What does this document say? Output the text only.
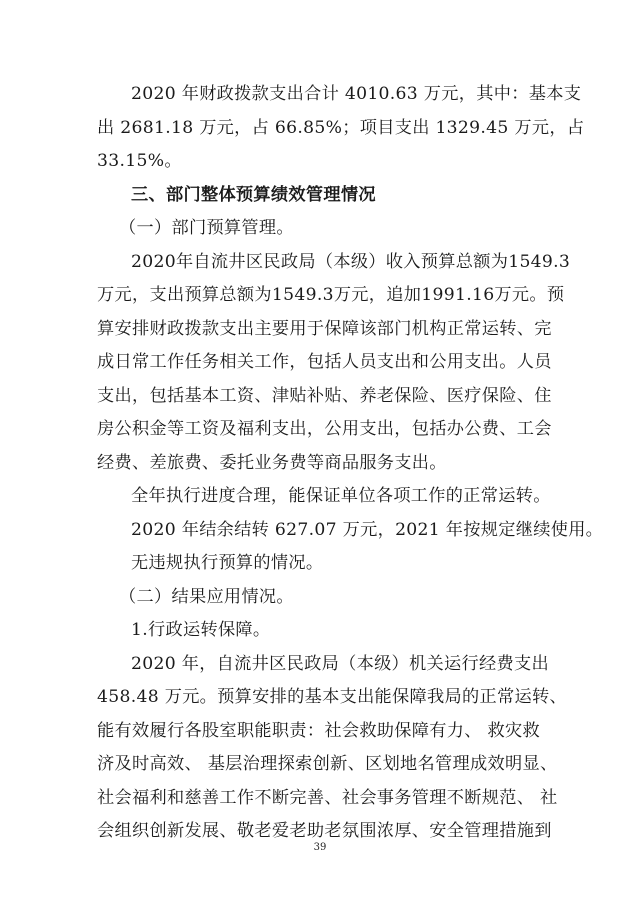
2020 年财政拨款支出合计 4010.63 万元，其中：基本支
出 2681.18 万元，占 66.85%；项目支出 1329.45 万元，占
33.15%。
三、部门整体预算绩效管理情况
（一）部门预算管理。
2020年自流井区民政局（本级）收入预算总额为1549.3
万元，支出预算总额为1549.3万元，追加1991.16万元。预
算安排财政拨款支出主要用于保障该部门机构正常运转、完
成日常工作任务相关工作，包括人员支出和公用支出。人员
支出，包括基本工资、津贴补贴、养老保险、医疗保险、住
房公积金等工资及福利支出，公用支出，包括办公费、工会
经费、差旅费、委托业务费等商品服务支出。
全年执行进度合理，能保证单位各项工作的正常运转。
2020 年结余结转 627.07 万元，2021 年按规定继续使用。
无违规执行预算的情况。
（二）结果应用情况。
1.行政运转保障。
2020 年，自流井区民政局（本级）机关运行经费支出
458.48 万元。预算安排的基本支出能保障我局的正常运转、
能有效履行各股室职能职责：社会救助保障有力、 救灾救
济及时高效、 基层治理探索创新、区划地名管理成效明显、
社会福利和慈善工作不断完善、社会事务管理不断规范、 社
会组织创新发展、敬老爱老助老氛围浓厚、安全管理措施到
39
